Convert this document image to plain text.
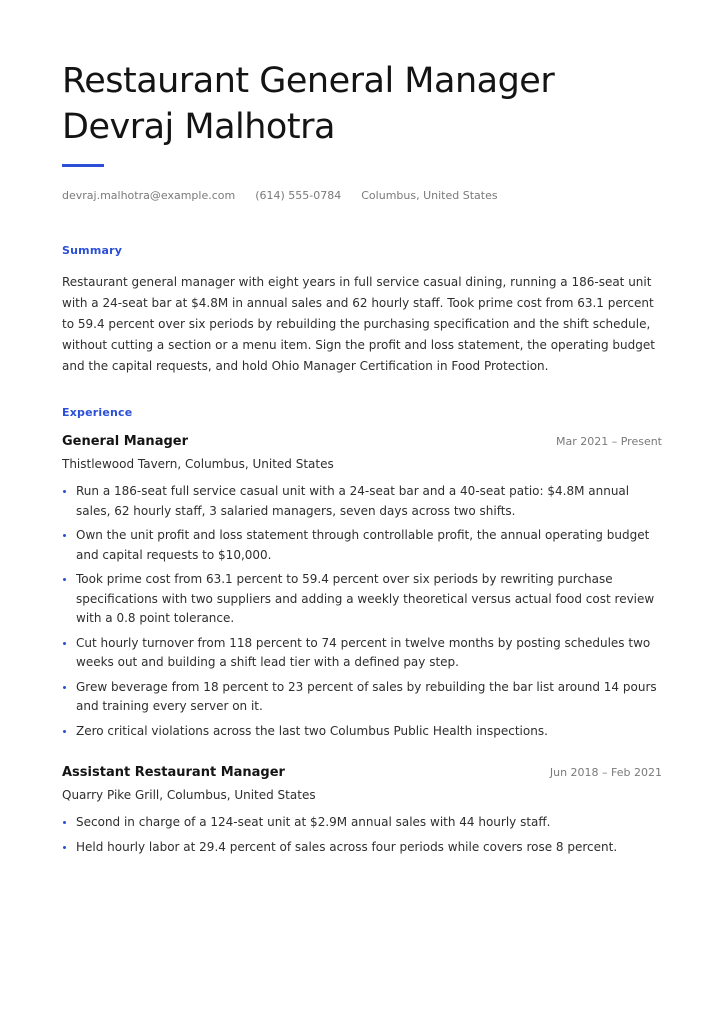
Restaurant General Manager
Devraj Malhotra
devraj.malhotra@example.com (614) 555-0784 Columbus, United States
Summary

Restaurant general manager with eight years in full service casual dining, running a 186-seat unit with a 24-seat bar at $4.8M in annual sales and 62 hourly staff. Took prime cost from 63.1 percent to 59.4 percent over six periods by rebuilding the purchasing specification and the shift schedule, without cutting a section or a menu item. Sign the profit and loss statement, the operating budget and the capital requests, and hold Ohio Manager Certification in Food Protection.

Experience
General Manager	Mar 2021 – Present
Thistlewood Tavern, Columbus, United States
Run a 186-seat full service casual unit with a 24-seat bar and a 40-seat patio: $4.8M annual sales, 62 hourly staff, 3 salaried managers, seven days across two shifts.
Own the unit profit and loss statement through controllable profit, the annual operating budget and capital requests to $10,000.
Took prime cost from 63.1 percent to 59.4 percent over six periods by rewriting purchase specifications with two suppliers and adding a weekly theoretical versus actual food cost review with a 0.8 point tolerance.
Cut hourly turnover from 118 percent to 74 percent in twelve months by posting schedules two weeks out and building a shift lead tier with a defined pay step.
Grew beverage from 18 percent to 23 percent of sales by rebuilding the bar list around 14 pours and training every server on it.
Zero critical violations across the last two Columbus Public Health inspections.
Assistant Restaurant Manager	Jun 2018 – Feb 2021
Quarry Pike Grill, Columbus, United States
Second in charge of a 124-seat unit at $2.9M annual sales with 44 hourly staff.
Held hourly labor at 29.4 percent of sales across four periods while covers rose 8 percent.
